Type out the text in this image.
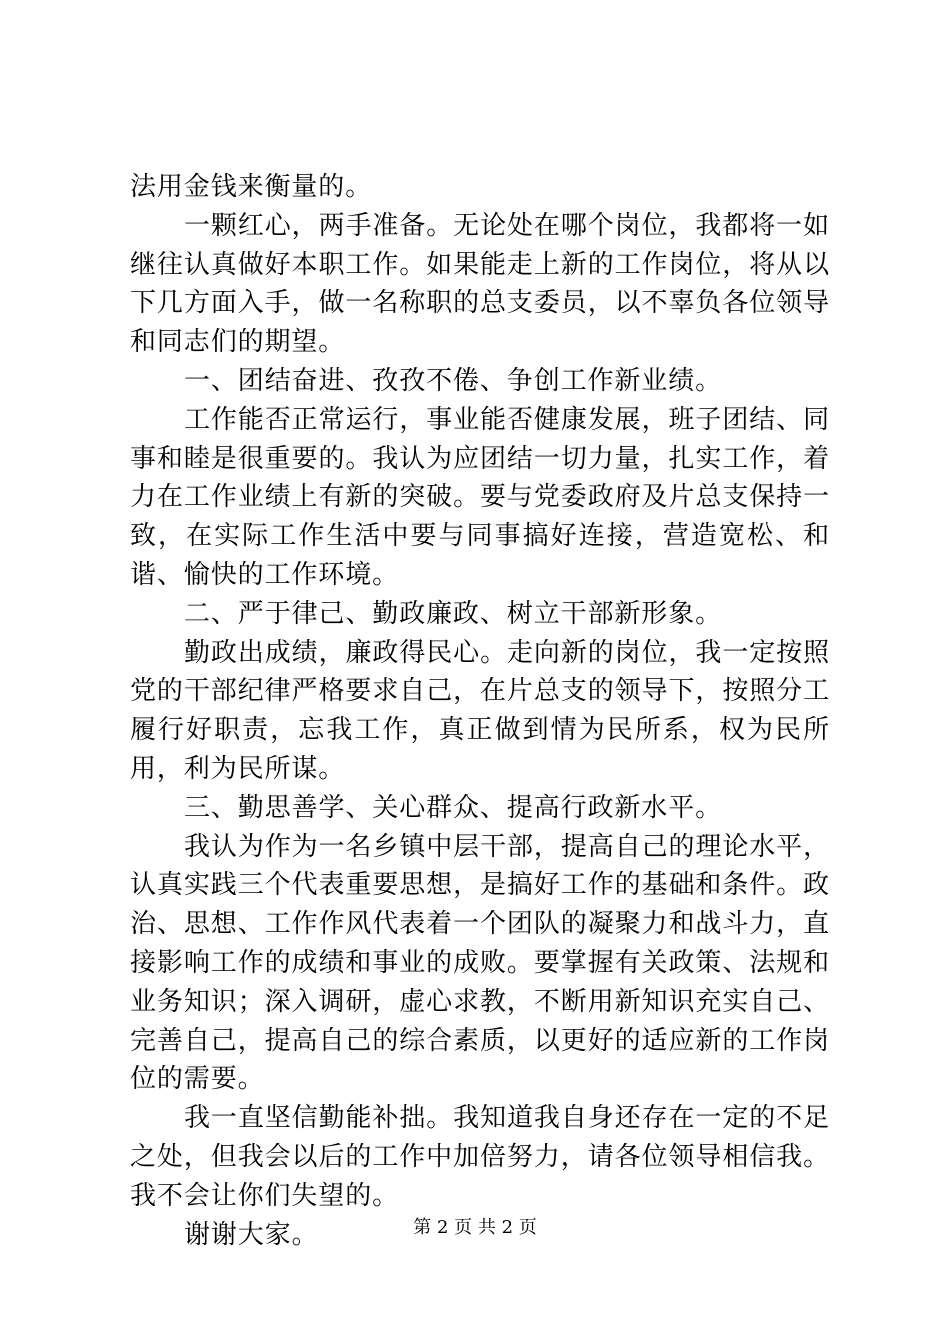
法用金钱来衡量的。

一颗红心，两手准备。无论处在哪个岗位，我都将一如继往认真做好本职工作。如果能走上新的工作岗位，将从以下几方面入手，做一名称职的总支委员，以不辜负各位领导和同志们的期望。

一、团结奋进、孜孜不倦、争创工作新业绩。

工作能否正常运行，事业能否健康发展，班子团结、同事和睦是很重要的。我认为应团结一切力量，扎实工作，着力在工作业绩上有新的突破。要与党委政府及片总支保持一致，在实际工作生活中要与同事搞好连接，营造宽松、和谐、愉快的工作环境。

二、严于律己、勤政廉政、树立干部新形象。

勤政出成绩，廉政得民心。走向新的岗位，我一定按照党的干部纪律严格要求自己，在片总支的领导下，按照分工履行好职责，忘我工作，真正做到情为民所系，权为民所用，利为民所谋。

三、勤思善学、关心群众、提高行政新水平。

我认为作为一名乡镇中层干部，提高自己的理论水平，认真实践三个代表重要思想，是搞好工作的基础和条件。政治、思想、工作作风代表着一个团队的凝聚力和战斗力，直接影响工作的成绩和事业的成败。要掌握有关政策、法规和业务知识；深入调研，虚心求教，不断用新知识充实自己、完善自己，提高自己的综合素质，以更好的适应新的工作岗位的需要。

我一直坚信勤能补拙。我知道我自身还存在一定的不足之处，但我会以后的工作中加倍努力，请各位领导相信我。我不会让你们失望的。

谢谢大家。	第 2 页 共 2 页
